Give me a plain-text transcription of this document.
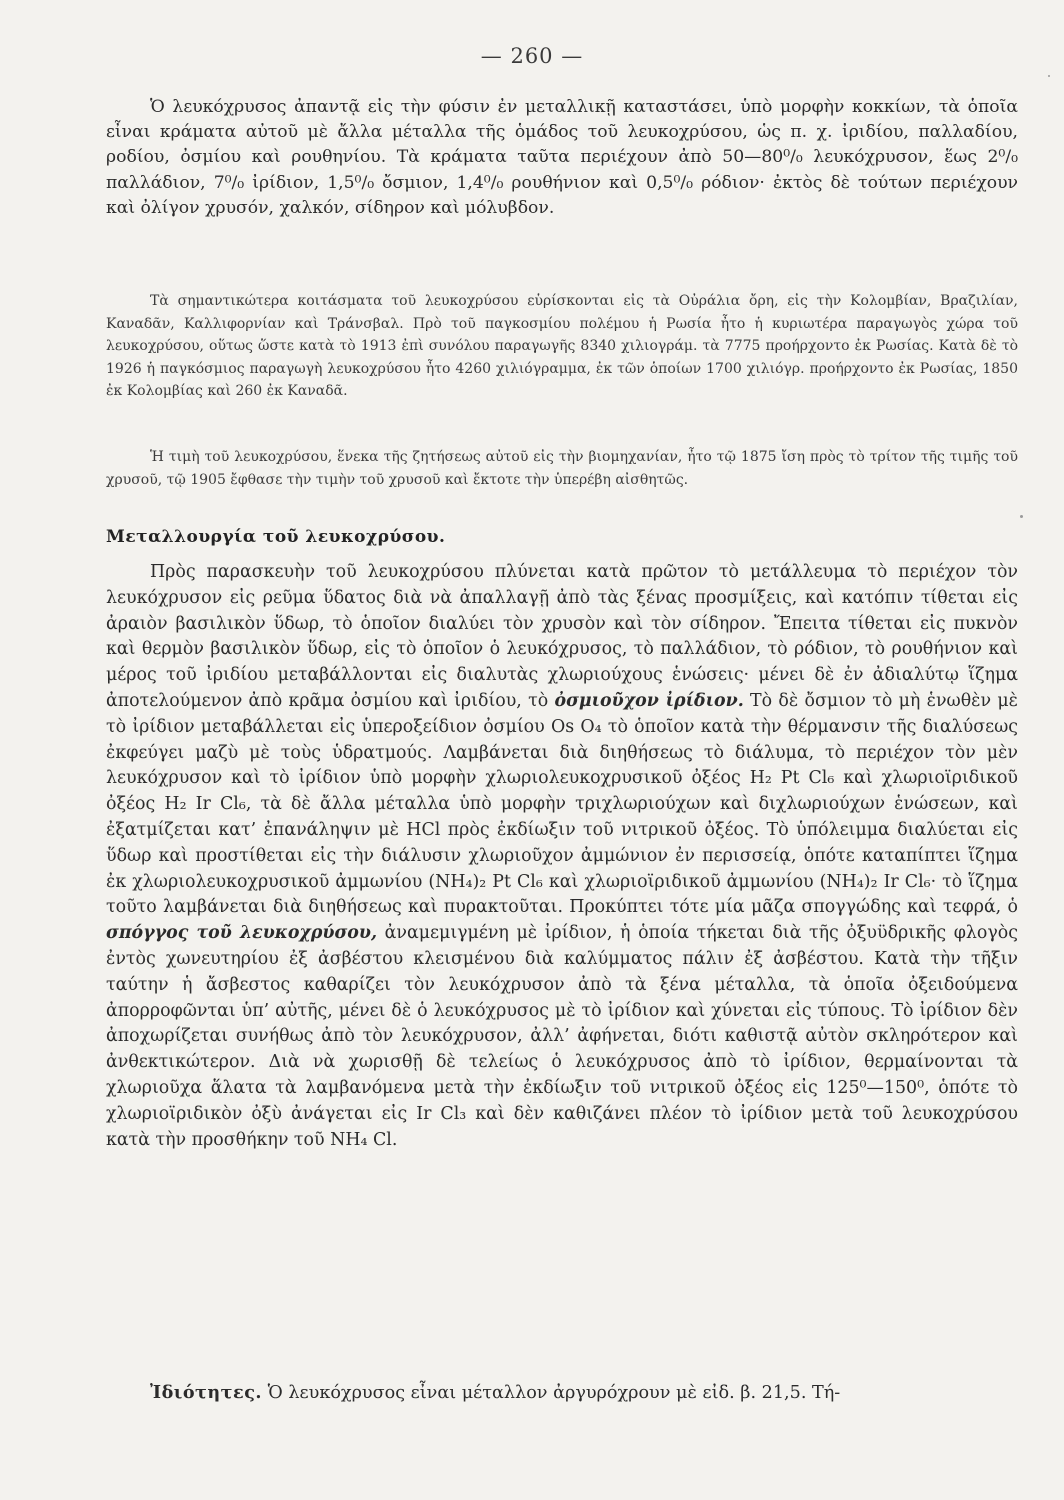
— 260 —

Ὁ λευκόχρυσος ἀπαντᾷ εἰς τὴν φύσιν ἐν μεταλλικῇ καταστάσει, ὑπὸ μορφὴν κοκκίων, τὰ ὁποῖα εἶναι κράματα αὐτοῦ μὲ ἄλλα μέταλλα τῆς ὁμάδος τοῦ λευκοχρύσου, ὡς π. χ. ἰριδίου, παλλαδίου, ροδίου, ὀσμίου καὶ ρουθηνίου. Τὰ κράματα ταῦτα περιέχουν ἀπὸ 50—80⁰/₀ λευκόχρυσον, ἕως 2⁰/₀ παλλάδιον, 7⁰/₀ ἰρίδιον, 1,5⁰/₀ ὄσμιον, 1,4⁰/₀ ρουθήνιον καὶ 0,5⁰/₀ ρόδιον· ἐκτὸς δὲ τούτων περιέχουν καὶ ὀλίγον χρυσόν, χαλκόν, σίδηρον καὶ μόλυβδον.

Τὰ σημαντικώτερα κοιτάσματα τοῦ λευκοχρύσου εὑρίσκονται εἰς τὰ Οὐράλια ὄρη, εἰς τὴν Κολομβίαν, Βραζιλίαν, Καναδᾶν, Καλλιφορνίαν καὶ Τράνσβαλ. Πρὸ τοῦ παγκοσμίου πολέμου ἡ Ρωσία ἦτο ἡ κυριωτέρα παραγωγὸς χώρα τοῦ λευκοχρύσου, οὕτως ὥστε κατὰ τὸ 1913 ἐπὶ συνόλου παραγωγῆς 8340 χιλιογράμ. τὰ 7775 προήρχοντο ἐκ Ρωσίας. Κατὰ δὲ τὸ 1926 ἡ παγκόσμιος παραγωγὴ λευκοχρύσου ἦτο 4260 χιλιόγραμμα, ἐκ τῶν ὁποίων 1700 χιλιόγρ. προήρχοντο ἐκ Ρωσίας, 1850 ἐκ Κολομβίας καὶ 260 ἐκ Καναδᾶ.

Ἡ τιμὴ τοῦ λευκοχρύσου, ἕνεκα τῆς ζητήσεως αὐτοῦ εἰς τὴν βιομηχανίαν, ἦτο τῷ 1875 ἴση πρὸς τὸ τρίτον τῆς τιμῆς τοῦ χρυσοῦ, τῷ 1905 ἔφθασε τὴν τιμὴν τοῦ χρυσοῦ καὶ ἔκτοτε τὴν ὑπερέβη αἰσθητῶς.

Μεταλλουργία τοῦ λευκοχρύσου.

Πρὸς παρασκευὴν τοῦ λευκοχρύσου πλύνεται κατὰ πρῶτον τὸ μετάλλευμα τὸ περιέχον τὸν λευκόχρυσον εἰς ρεῦμα ὕδατος διὰ νὰ ἀπαλλαγῇ ἀπὸ τὰς ξένας προσμίξεις, καὶ κατόπιν τίθεται εἰς ἀραιὸν βασιλικὸν ὕδωρ, τὸ ὁποῖον διαλύει τὸν χρυσὸν καὶ τὸν σίδηρον. Ἔπειτα τίθεται εἰς πυκνὸν καὶ θερμὸν βασιλικὸν ὕδωρ, εἰς τὸ ὁποῖον ὁ λευκόχρυσος, τὸ παλλάδιον, τὸ ρόδιον, τὸ ρουθήνιον καὶ μέρος τοῦ ἰριδίου μεταβάλλονται εἰς διαλυτὰς χλωριούχους ἑνώσεις· μένει δὲ ἐν ἀδιαλύτῳ ἵζημα ἀποτελούμενον ἀπὸ κρᾶμα ὀσμίου καὶ ἰριδίου, τὸ ὀσμιοῦχον ἰρίδιον. Τὸ δὲ ὄσμιον τὸ μὴ ἑνωθὲν μὲ τὸ ἰρίδιον μεταβάλλεται εἰς ὑπεροξείδιον ὀσμίου Os O₄ τὸ ὁποῖον κατὰ τὴν θέρμανσιν τῆς διαλύσεως ἐκφεύγει μαζὺ μὲ τοὺς ὑδρατμούς. Λαμβάνεται διὰ διηθήσεως τὸ διάλυμα, τὸ περιέχον τὸν μὲν λευκόχρυσον καὶ τὸ ἰρίδιον ὑπὸ μορφὴν χλωριολευκοχρυσικοῦ ὀξέος H₂ Pt Cl₆ καὶ χλωριοϊριδικοῦ ὀξέος H₂ Ir Cl₆, τὰ δὲ ἄλλα μέταλλα ὑπὸ μορφὴν τριχλωριούχων καὶ διχλωριούχων ἑνώσεων, καὶ ἐξατμίζεται κατ’ ἐπανάληψιν μὲ HCl πρὸς ἐκδίωξιν τοῦ νιτρικοῦ ὀξέος. Τὸ ὑπόλειμμα διαλύεται εἰς ὕδωρ καὶ προστίθεται εἰς τὴν διάλυσιν χλωριοῦχον ἀμμώνιον ἐν περισσείᾳ, ὁπότε καταπίπτει ἵζημα ἐκ χλωριολευκοχρυσικοῦ ἀμμωνίου (NH₄)₂ Pt Cl₆ καὶ χλωριοϊριδικοῦ ἀμμωνίου (NH₄)₂ Ir Cl₆· τὸ ἵζημα τοῦτο λαμβάνεται διὰ διηθήσεως καὶ πυρακτοῦται. Προκύπτει τότε μία μᾶζα σπογγώδης καὶ τεφρά, ὁ σπόγγος τοῦ λευκοχρύσου, ἀναμεμιγμένη μὲ ἰρίδιον, ἡ ὁποία τήκεται διὰ τῆς ὀξυϋδρικῆς φλογὸς ἐντὸς χωνευτηρίου ἐξ ἀσβέστου κλεισμένου διὰ καλύμματος πάλιν ἐξ ἀσβέστου. Κατὰ τὴν τῆξιν ταύτην ἡ ἄσβεστος καθαρίζει τὸν λευκόχρυσον ἀπὸ τὰ ξένα μέταλλα, τὰ ὁποῖα ὀξειδούμενα ἀπορροφῶνται ὑπ’ αὐτῆς, μένει δὲ ὁ λευκόχρυσος μὲ τὸ ἰρίδιον καὶ χύνεται εἰς τύπους. Τὸ ἰρίδιον δὲν ἀποχωρίζεται συνήθως ἀπὸ τὸν λευκόχρυσον, ἀλλ’ ἀφήνεται, διότι καθιστᾷ αὐτὸν σκληρότερον καὶ ἀνθεκτικώτερον. Διὰ νὰ χωρισθῇ δὲ τελείως ὁ λευκόχρυσος ἀπὸ τὸ ἰρίδιον, θερμαίνονται τὰ χλωριοῦχα ἅλατα τὰ λαμβανόμενα μετὰ τὴν ἐκδίωξιν τοῦ νιτρικοῦ ὀξέος εἰς 125⁰—150⁰, ὁπότε τὸ χλωριοϊριδικὸν ὀξὺ ἀνάγεται εἰς Ir Cl₃ καὶ δὲν καθιζάνει πλέον τὸ ἰρίδιον μετὰ τοῦ λευκοχρύσου κατὰ τὴν προσθήκην τοῦ NH₄ Cl.

Ἰδιότητες. Ὁ λευκόχρυσος εἶναι μέταλλον ἀργυρόχρουν μὲ εἰδ. β. 21,5. Τή-
